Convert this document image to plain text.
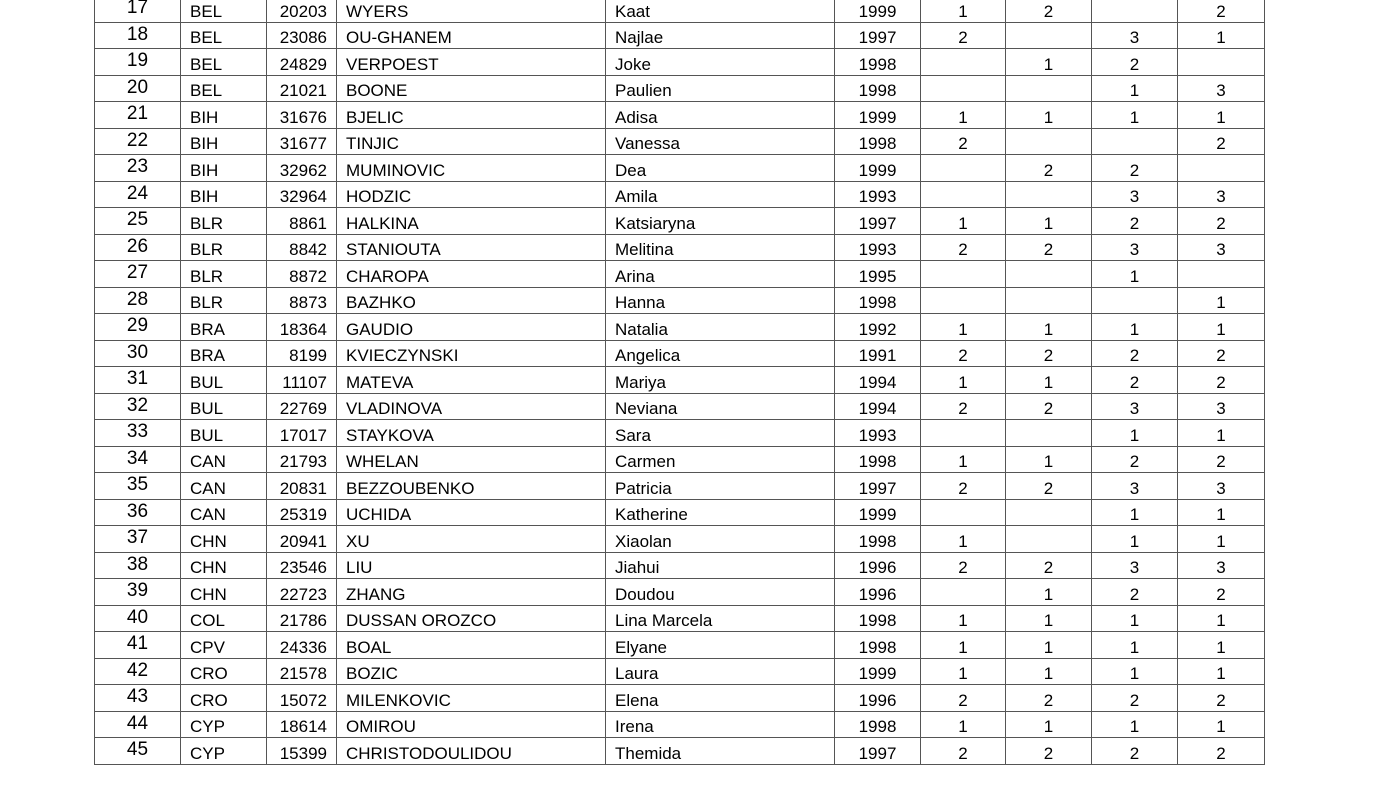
17	BEL	20203	WYERS	Kaat	1999	1	2		2
18	BEL	23086	OU-GHANEM	Najlae	1997	2		3	1
19	BEL	24829	VERPOEST	Joke	1998		1	2	
20	BEL	21021	BOONE	Paulien	1998			1	3
21	BIH	31676	BJELIC	Adisa	1999	1	1	1	1
22	BIH	31677	TINJIC	Vanessa	1998	2			2
23	BIH	32962	MUMINOVIC	Dea	1999		2	2	
24	BIH	32964	HODZIC	Amila	1993			3	3
25	BLR	8861	HALKINA	Katsiaryna	1997	1	1	2	2
26	BLR	8842	STANIOUTA	Melitina	1993	2	2	3	3
27	BLR	8872	CHAROPA	Arina	1995			1	
28	BLR	8873	BAZHKO	Hanna	1998				1
29	BRA	18364	GAUDIO	Natalia	1992	1	1	1	1
30	BRA	8199	KVIECZYNSKI	Angelica	1991	2	2	2	2
31	BUL	11107	MATEVA	Mariya	1994	1	1	2	2
32	BUL	22769	VLADINOVA	Neviana	1994	2	2	3	3
33	BUL	17017	STAYKOVA	Sara	1993			1	1
34	CAN	21793	WHELAN	Carmen	1998	1	1	2	2
35	CAN	20831	BEZZOUBENKO	Patricia	1997	2	2	3	3
36	CAN	25319	UCHIDA	Katherine	1999			1	1
37	CHN	20941	XU	Xiaolan	1998	1		1	1
38	CHN	23546	LIU	Jiahui	1996	2	2	3	3
39	CHN	22723	ZHANG	Doudou	1996		1	2	2
40	COL	21786	DUSSAN OROZCO	Lina Marcela	1998	1	1	1	1
41	CPV	24336	BOAL	Elyane	1998	1	1	1	1
42	CRO	21578	BOZIC	Laura	1999	1	1	1	1
43	CRO	15072	MILENKOVIC	Elena	1996	2	2	2	2
44	CYP	18614	OMIROU	Irena	1998	1	1	1	1
45	CYP	15399	CHRISTODOULIDOU	Themida	1997	2	2	2	2
